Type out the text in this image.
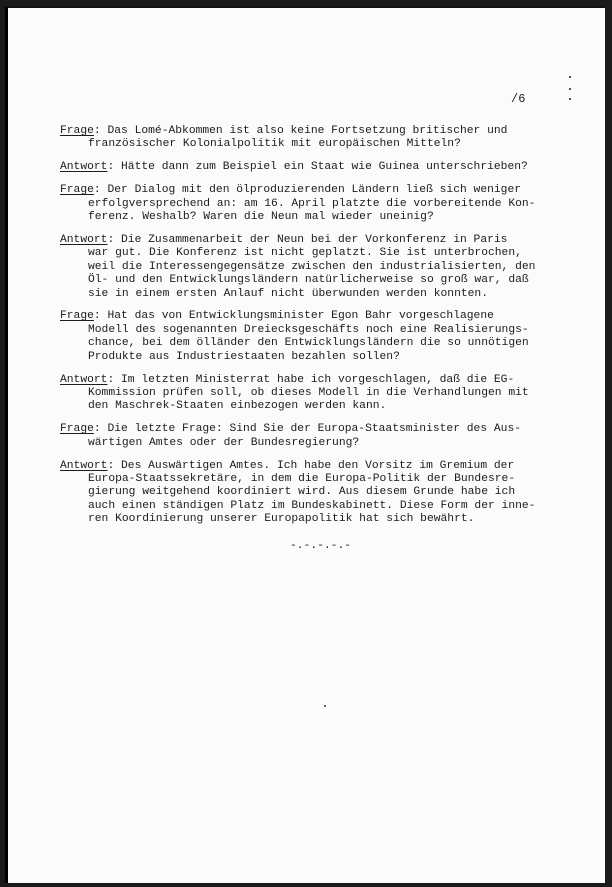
/6
Frage: Das Lomé-Abkommen ist also keine Fortsetzung britischer und
französischer Kolonialpolitik mit europäischen Mitteln?
Antwort: Hätte dann zum Beispiel ein Staat wie Guinea unterschrieben?
Frage: Der Dialog mit den ölproduzierenden Ländern ließ sich weniger
erfolgversprechend an: am 16. April platzte die vorbereitende Kon-
ferenz. Weshalb? Waren die Neun mal wieder uneinig?
Antwort: Die Zusammenarbeit der Neun bei der Vorkonferenz in Paris
war gut. Die Konferenz ist nicht geplatzt. Sie ist unterbrochen,
weil die Interessengegensätze zwischen den industrialisierten, den
Öl- und den Entwicklungsländern natürlicherweise so groß war, daß
sie in einem ersten Anlauf nicht überwunden werden konnten.
Frage: Hat das von Entwicklungsminister Egon Bahr vorgeschlagene
Modell des sogenannten Dreiecksgeschäfts noch eine Realisierungs-
chance, bei dem ölländer den Entwicklungsländern die so unnötigen
Produkte aus Industriestaaten bezahlen sollen?
Antwort: Im letzten Ministerrat habe ich vorgeschlagen, daß die EG-
Kommission prüfen soll, ob dieses Modell in die Verhandlungen mit
den Maschrek-Staaten einbezogen werden kann.
Frage: Die letzte Frage: Sind Sie der Europa-Staatsminister des Aus-
wärtigen Amtes oder der Bundesregierung?
Antwort: Des Auswärtigen Amtes. Ich habe den Vorsitz im Gremium der
Europa-Staatssekretäre, in dem die Europa-Politik der Bundesre-
gierung weitgehend koordiniert wird. Aus diesem Grunde habe ich
auch einen ständigen Platz im Bundeskabinett. Diese Form der inne-
ren Koordinierung unserer Europapolitik hat sich bewährt.
-.-.-.-.-
